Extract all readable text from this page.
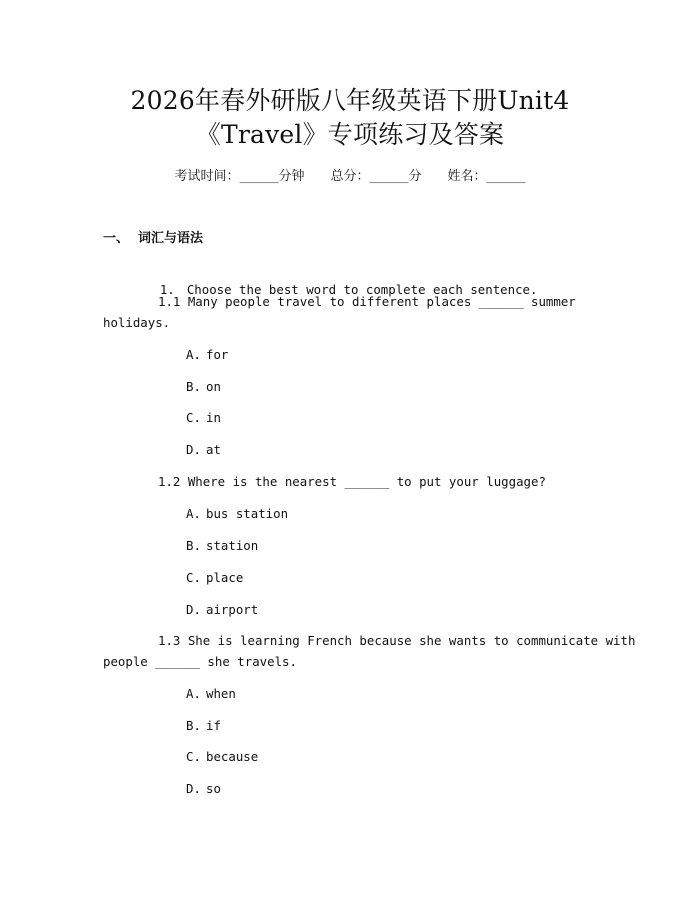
2026年春外研版八年级英语下册Unit4
《Travel》专项练习及答案
考试时间：______分钟 总分：______分 姓名：______
一、 词汇与语法

1. Choose the best word to complete each sentence.

1.1 Many people travel to different places ______ summer
holidays.
A. for
B. on
C. in
D. at
1.2 Where is the nearest ______ to put your luggage?
A. bus station
B. station
C. place
D. airport
1.3 She is learning French because she wants to communicate with
people ______ she travels.
A. when
B. if
C. because
D. so
